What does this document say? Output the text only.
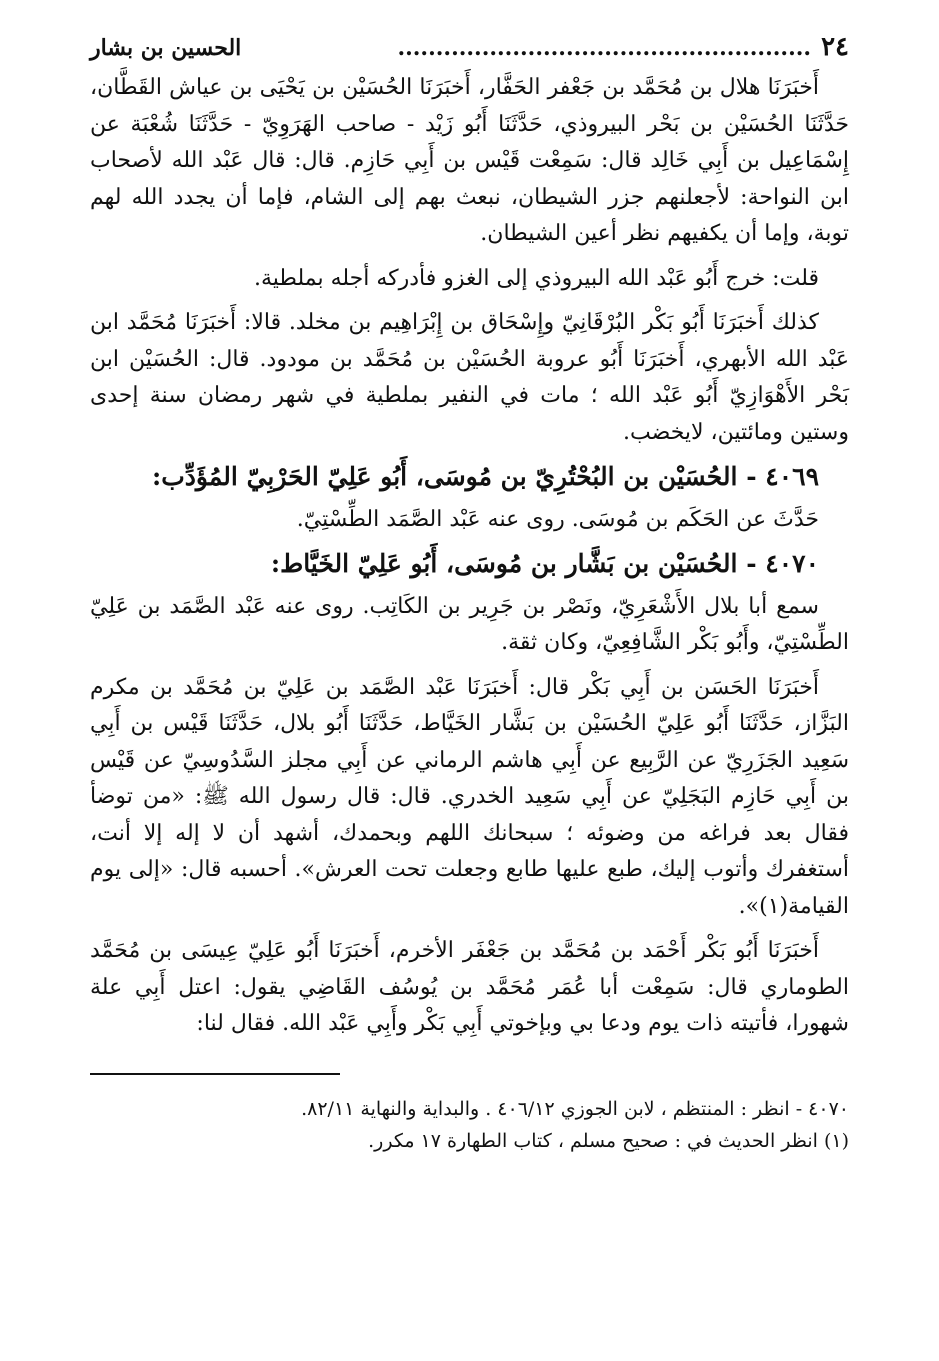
٢٤
......................................................
الحسين بن بشار

أَخبَرَنَا هلال بن مُحَمَّد بن جَعْفر الحَفَّار، أَخبَرَنَا الحُسَيْن بن يَحْيَى بن عياش القَطَّان، حَدَّثَنَا الحُسَيْن بن بَحْر البيروذي، حَدَّثَنَا أَبُو زَيْد - صاحب الهَرَوِيّ - حَدَّثَنَا شُعْبَة عن إِسْمَاعِيل بن أَبِي خَالِد قال: سَمِعْت قَيْس بن أَبِي حَازِم. قال: قال عَبْد الله لأصحاب ابن النواحة: لأجعلنهم جزر الشيطان، نبعث بهم إلى الشام، فإما أن يجدد الله لهم توبة، وإما أن يكفيهم نظر أعين الشيطان.

قلت: خرج أَبُو عَبْد الله البيروذي إلى الغزو فأدركه أجله بملطية.

كذلك أَخبَرَنَا أَبُو بَكْر البُرْقَانِيّ وإِسْحَاق بن إِبْرَاهِيم بن مخلد. قالا: أَخبَرَنَا مُحَمَّد ابن عَبْد الله الأبهري، أَخبَرَنَا أَبُو عروبة الحُسَيْن بن مُحَمَّد بن مودود. قال: الحُسَيْن ابن بَحْر الأَهْوَازِيّ أَبُو عَبْد الله ؛ مات في النفير بملطية في شهر رمضان سنة إحدى وستين ومائتين، لايخضب.

٤٠٦٩ - الحُسَيْن بن البُحْتُرِيّ بن مُوسَى، أَبُو عَلِيّ الحَرْبِيّ المُؤَدِّب:

حَدَّثَ عن الحَكَم بن مُوسَى. روى عنه عَبْد الصَّمَد الطِّسْتِيّ.

٤٠٧٠ - الحُسَيْن بن بَشَّار بن مُوسَى، أَبُو عَلِيّ الخَيَّاط:

سمع أبا بلال الأَشْعَرِيّ، ونَصْر بن جَرِير بن الكَاتِب. روى عنه عَبْد الصَّمَد بن عَلِيّ الطِّسْتِيّ، وأَبُو بَكْر الشَّافِعِيّ، وكان ثقة.

أَخبَرَنَا الحَسَن بن أَبِي بَكْر قال: أَخبَرَنَا عَبْد الصَّمَد بن عَلِيّ بن مُحَمَّد بن مكرم البَزَّاز، حَدَّثَنَا أَبُو عَلِيّ الحُسَيْن بن بَشَّار الخَيَّاط، حَدَّثَنَا أَبُو بلال، حَدَّثَنَا قَيْس بن أَبِي سَعِيد الجَزَرِيّ عن الرَّبِيع عن أَبِي هاشم الرماني عن أَبِي مجلز السَّدُوسِيّ عن قَيْس بن أَبِي حَازِم البَجَلِيّ عن أَبِي سَعِيد الخدري. قال: قال رسول الله ﷺ: «من توضأ فقال بعد فراغه من وضوئه ؛ سبحانك اللهم وبحمدك، أشهد أن لا إله إلا أنت، أستغفرك وأتوب إليك، طبع عليها طابع وجعلت تحت العرش». أحسبه قال: «إلى يوم القيامة(١)».

أَخبَرَنَا أَبُو بَكْر أَحْمَد بن مُحَمَّد بن جَعْفَر الأخرم، أَخبَرَنَا أَبُو عَلِيّ عِيسَى بن مُحَمَّد الطوماري قال: سَمِعْت أبا عُمَر مُحَمَّد بن يُوسُف القَاضِي يقول: اعتل أَبِي علة شهورا، فأتيته ذات يوم ودعا بي وبإخوتي أَبِي بَكْر وأَبِي عَبْد الله. فقال لنا:

٤٠٧٠ - انظر : المنتظم ، لابن الجوزي ٤٠٦/١٢ . والبداية والنهاية ٨٢/١١.

(١) انظر الحديث في : صحيح مسلم ، كتاب الطهارة ١٧ مكرر.
